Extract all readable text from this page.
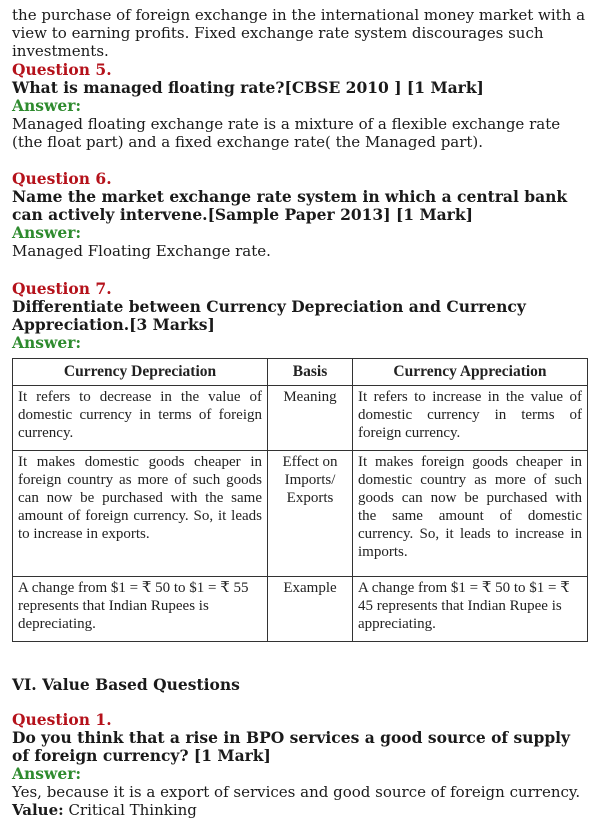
the purchase of foreign exchange in the international money market with a view to earning profits. Fixed exchange rate system discourages such investments.

Question 5.
What is managed floating rate?[CBSE 2010 ] [1 Mark]
Answer:
Managed floating exchange rate is a mixture of a flexible exchange rate (the float part) and a fixed exchange rate( the Managed part).
Question 6.
Name the market exchange rate system in which a central bank can actively intervene.[Sample Paper 2013] [1 Mark]
Answer:
Managed Floating Exchange rate.
Question 7.
Differentiate between Currency Depreciation and Currency Appreciation.[3 Marks]
Answer:
Currency Depreciation	Basis	Currency Appreciation
It refers to decrease in the value of domestic currency in terms of foreign currency.	Meaning	It refers to increase in the value of domestic currency in terms of foreign currency.
It makes domestic goods cheaper in foreign country as more of such goods can now be purchased with the same amount of foreign currency. So, it leads to increase in exports.	Effect on Imports/ Exports	It makes foreign goods cheaper in domestic country as more of such goods can now be purchased with the same amount of domestic currency. So, it leads to increase in imports.
A change from $1 = ₹ 50 to $1 = ₹ 55 represents that Indian Rupees is depreciating.	Example	A change from $1 = ₹ 50 to $1 = ₹ 45 represents that Indian Rupee is appreciating.
VI. Value Based Questions
Question 1.
Do you think that a rise in BPO services a good source of supply of foreign currency? [1 Mark]
Answer:
Yes, because it is a export of services and good source of foreign currency.
Value: Critical Thinking
